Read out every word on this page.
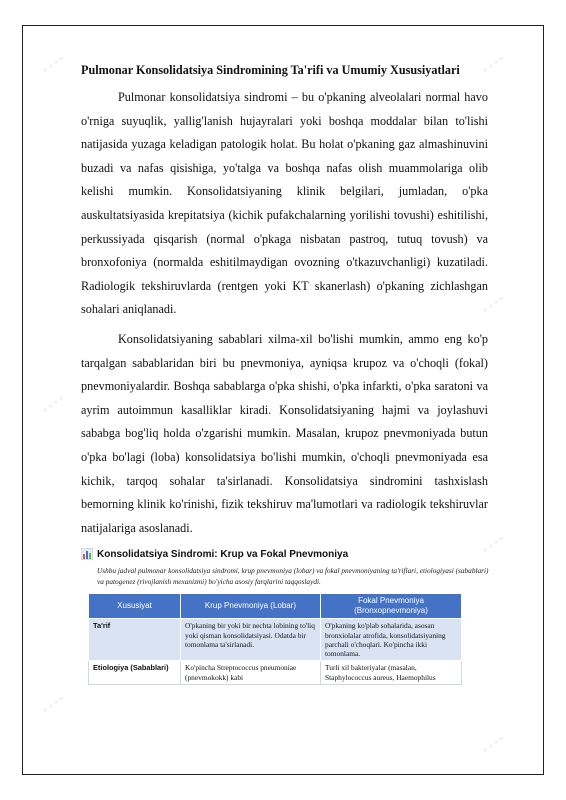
✦✦✦✦	✦✦✦✦
✦✦✦✦
✦✦✦✦
✦✦✦✦
✦✦✦✦
✦✦✦✦
Pulmonar Konsolidatsiya Sindromining Ta'rifi va Umumiy Xususiyatlari

Pulmonar konsolidatsiya sindromi – bu o'pkaning alveolalari normal havo o'rniga suyuqlik, yallig'lanish hujayralari yoki boshqa moddalar bilan to'lishi natijasida yuzaga keladigan patologik holat. Bu holat o'pkaning gaz almashinuvini buzadi va nafas qisishiga, yo'talga va boshqa nafas olish muammolariga olib kelishi mumkin. Konsolidatsiyaning klinik belgilari, jumladan, o'pka auskultatsiyasida krepitatsiya (kichik pufakchalarning yorilishi tovushi) eshitilishi, perkussiyada qisqarish (normal o'pkaga nisbatan pastroq, tutuq tovush) va bronxofoniya (normalda eshitilmaydigan ovozning o'tkazuvchanligi) kuzatiladi. Radiologik tekshiruvlarda (rentgen yoki KT skanerlash) o'pkaning zichlashgan sohalari aniqlanadi.

Konsolidatsiyaning sabablari xilma-xil bo'lishi mumkin, ammo eng ko'p tarqalgan sabablaridan biri bu pnevmoniya, ayniqsa krupoz va o'choqli (fokal) pnevmoniyalardir. Boshqa sabablarga o'pka shishi, o'pka infarkti, o'pka saratoni va ayrim autoimmun kasalliklar kiradi. Konsolidatsiyaning hajmi va joylashuvi sababga bog'liq holda o'zgarishi mumkin. Masalan, krupoz pnevmoniyada butun o'pka bo'lagi (loba) konsolidatsiya bo'lishi mumkin, o'choqli pnevmoniyada esa kichik, tarqoq sohalar ta'sirlanadi. Konsolidatsiya sindromini tashxislash bemorning klinik ko'rinishi, fizik tekshiruv ma'lumotlari va radiologik tekshiruvlar natijalariga asoslanadi.

Konsolidatsiya Sindromi: Krup va Fokal Pnevmoniya
Ushbu jadval pulmonar konsolidatsiya sindromi, krup pnevmoniya (lobar) va fokal pnevmoniyaning ta'riflari, etiologiyasi (sabablari) va patogenez (rivojlanish mexanizmi) bo'yicha asosiy farqlarini taqqoslaydi.
Xususiyat	Krup Pnevmoniya (Lobar)	Fokal Pnevmoniya (Bronxopnevmoniya)
Ta'rif	O'pkaning bir yoki bir nechta lobining to'liq yoki qisman konsolidatsiyasi. Odatda bir tomonlama ta'sirlanadi.	O'pkaning ko'plab sohalarida, asosan bronxiolalar atrofida, konsolidatsiyaning parchali o'choqlari. Ko'pincha ikki tomonlama.
Etiologiya (Sabablari)	Ko'pincha Streptococcus pneumoniae (pnevmokokk) kabi	Turli xil bakteriyalar (masalan, Staphylococcus aureus, Haemophilus
